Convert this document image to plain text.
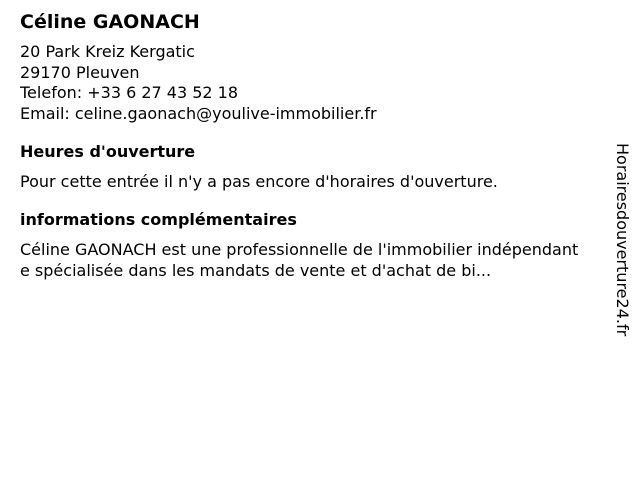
Céline GAONACH
20 Park Kreiz Kergatic
29170 Pleuven
Telefon: +33 6 27 43 52 18
Email: celine.gaonach@youlive-immobilier.fr
Heures d'ouverture
Pour cette entrée il n'y a pas encore d'horaires d'ouverture.
informations complémentaires
Céline GAONACH est une professionnelle de l'immobilier indépendante spécialisée dans les mandats de vente et d'achat de bi...	Horairesdouverture24.fr
